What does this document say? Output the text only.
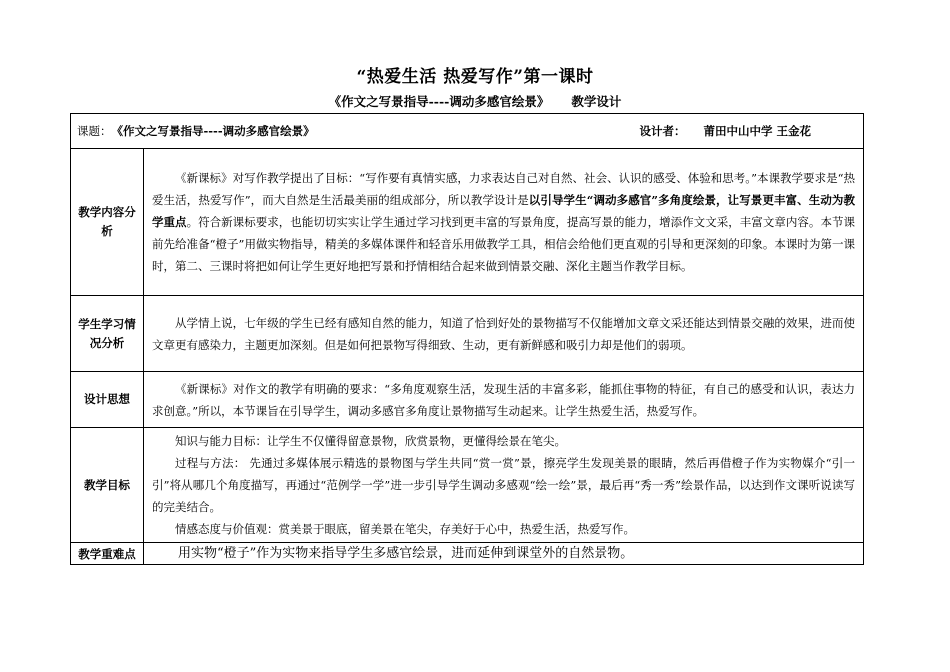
“热爱生活 热爱写作”第一课时
《作文之写景指导----调动多感官绘景》 教学设计
课题： 《作文之写景指导----调动多感官绘景》 设计者： 莆田中山中学 王金花	

教学内容分析	《新课标》对写作教学提出了目标：“写作要有真情实感，力求表达自己对自然、社会、认识的感受、体验和思考。”本课教学要求是“热爱生活，热爱写作”，而大自然是生活最美丽的组成部分，所以教学设计是以引导学生“调动多感官”多角度绘景，让写景更丰富、生动为教学重点。符合新课标要求，也能切切实实让学生通过学习找到更丰富的写景角度，提高写景的能力，增添作文文采，丰富文章内容。本节课前先给准备“橙子”用做实物指导，精美的多媒体课件和轻音乐用做教学工具，相信会给他们更直观的引导和更深刻的印象。本课时为第一课时，第二、三课时将把如何让学生更好地把写景和抒情相结合起来做到情景交融、深化主题当作教学目标。

学生学习情况分析	从学情上说，七年级的学生已经有感知自然的能力，知道了恰到好处的景物描写不仅能增加文章文采还能达到情景交融的效果，进而使文章更有感染力，主题更加深刻。但是如何把景物写得细致、生动，更有新鲜感和吸引力却是他们的弱项。

设计思想	《新课标》对作文的教学有明确的要求：“多角度观察生活，发现生活的丰富多彩，能抓住事物的特征，有自己的感受和认识，表达力求创意。”所以，本节课旨在引导学生，调动多感官多角度让景物描写生动起来。让学生热爱生活，热爱写作。

教学目标	知识与能力目标：让学生不仅懂得留意景物，欣赏景物，更懂得绘景在笔尖。

过程与方法： 先通过多媒体展示精选的景物图与学生共同“赏一赏”景，擦亮学生发现美景的眼睛，然后再借橙子作为实物媒介“引一引”将从哪几个角度描写，再通过“范例学一学”进一步引导学生调动多感观“绘一绘”景，最后再“秀一秀”绘景作品，以达到作文课听说读写的完美结合。

情感态度与价值观：赏美景于眼底，留美景在笔尖，存美好于心中，热爱生活，热爱写作。

教学重难点	用实物“橙子”作为实物来指导学生多感官绘景，进而延伸到课堂外的自然景物。
